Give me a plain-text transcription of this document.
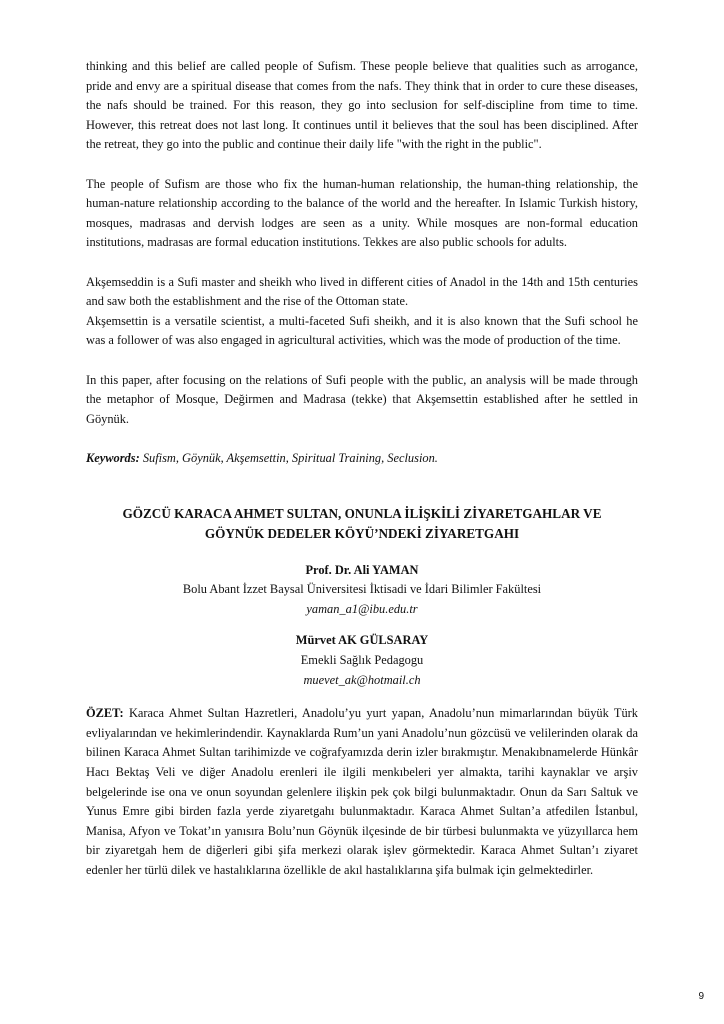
thinking and this belief are called people of Sufism. These people believe that qualities such as arrogance, pride and envy are a spiritual disease that comes from the nafs. They think that in order to cure these diseases, the nafs should be trained. For this reason, they go into seclusion for self-discipline from time to time. However, this retreat does not last long. It continues until it believes that the soul has been disciplined. After the retreat, they go into the public and continue their daily life "with the right in the public".

The people of Sufism are those who fix the human-human relationship, the human-thing relationship, the human-nature relationship according to the balance of the world and the hereafter. In Islamic Turkish history, mosques, madrasas and dervish lodges are seen as a unity. While mosques are non-formal education institutions, madrasas are formal education institutions. Tekkes are also public schools for adults.

Akşemseddin is a Sufi master and sheikh who lived in different cities of Anadol in the 14th and 15th centuries and saw both the establishment and the rise of the Ottoman state.

Akşemsettin is a versatile scientist, a multi-faceted Sufi sheikh, and it is also known that the Sufi school he was a follower of was also engaged in agricultural activities, which was the mode of production of the time.

In this paper, after focusing on the relations of Sufi people with the public, an analysis will be made through the metaphor of Mosque, Değirmen and Madrasa (tekke) that Akşemsettin established after he settled in Göynük.

Keywords: Sufism, Göynük, Akşemsettin, Spiritual Training, Seclusion.

GÖZCÜ KARACA AHMET SULTAN, ONUNLA İLİŞKİLİ ZİYARETGAHLAR VE
GÖYNÜK DEDELER KÖYÜ’NDEKİ ZİYARETGAHI
Prof. Dr. Ali YAMAN
Bolu Abant İzzet Baysal Üniversitesi İktisadi ve İdari Bilimler Fakültesi
yaman_a1@ibu.edu.tr
Mürvet AK GÜLSARAY
Emekli Sağlık Pedagogu
muevet_ak@hotmail.ch

ÖZET: Karaca Ahmet Sultan Hazretleri, Anadolu’yu yurt yapan, Anadolu’nun mimarlarından büyük Türk evliyalarından ve hekimlerindendir. Kaynaklarda Rum’un yani Anadolu’nun gözcüsü ve velilerinden olarak da bilinen Karaca Ahmet Sultan tarihimizde ve coğrafyamızda derin izler bırakmıştır. Menakıbnamelerde Hünkâr Hacı Bektaş Veli ve diğer Anadolu erenleri ile ilgili menkıbeleri yer almakta, tarihi kaynaklar ve arşiv belgelerinde ise ona ve onun soyundan gelenlere ilişkin pek çok bilgi bulunmaktadır. Onun da Sarı Saltuk ve Yunus Emre gibi birden fazla yerde ziyaretgahı bulunmaktadır. Karaca Ahmet Sultan’a atfedilen İstanbul, Manisa, Afyon ve Tokat’ın yanısıra Bolu’nun Göynük ilçesinde de bir türbesi bulunmakta ve yüzyıllarca hem bir ziyaretgah hem de diğerleri gibi şifa merkezi olarak işlev görmektedir. Karaca Ahmet Sultan’ı ziyaret edenler her türlü dilek ve hastalıklarına özellikle de akıl hastalıklarına şifa bulmak için gelmektedirler.

9
